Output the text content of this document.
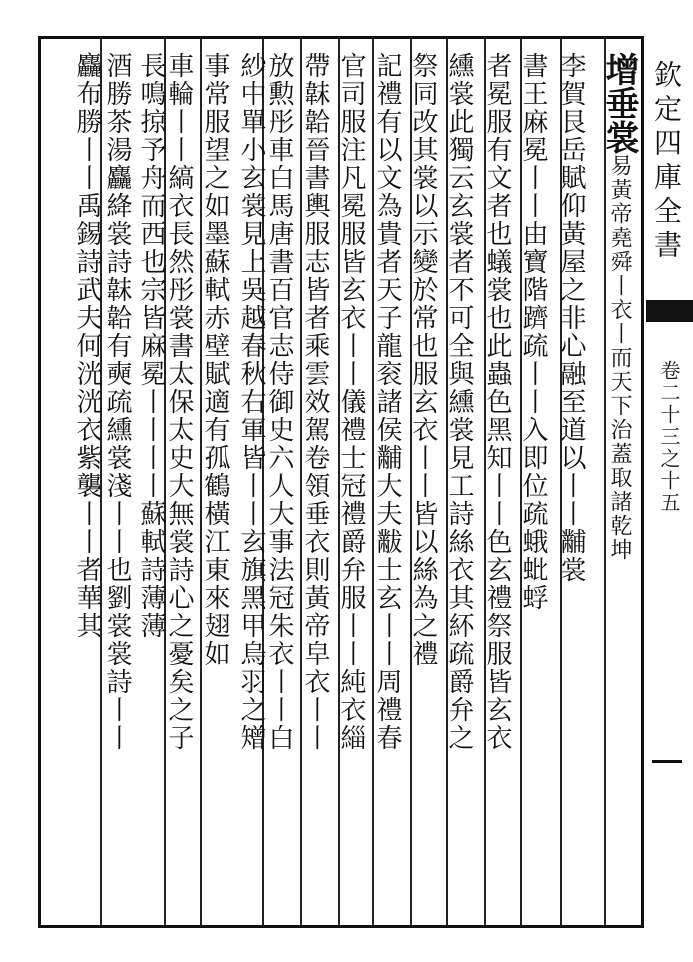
欽定四庫全書
卷二十三之十五
增垂裳易黃帝堯舜丨衣丨而天下治蓋取諸乾坤
李賀艮岳賦仰黃屋之非心融至道以丨丨黼裳
書王麻冕丨丨由寶階躋疏丨丨入即位疏蛾蚍蜉
者冕服有文者也蟻裳也此蟲色黑知丨丨色玄禮祭服皆玄衣
纁裳此獨云玄裳者不可全與纁裳見工詩絲衣其紑疏爵弁之
祭同改其裳以示變於常也服玄衣丨丨皆以絲為之禮
記禮有以文為貴者天子龍衮諸侯黼大夫黻士玄丨丨周禮春
官司服注凡冕服皆玄衣丨丨儀禮士冠禮爵弁服丨丨純衣緇
帶韎韐晉書輿服志皆者乘雲效駕卷領垂衣則黃帝皁衣丨丨
放勲彤車白馬唐書百官志侍御史六人大事法冠朱衣丨丨白
紗中單小玄裳見上吳越春秋右軍皆丨丨玄旗黑甲烏羽之矰
事常服望之如墨蘇軾赤壁賦適有孤鶴橫江東來翅如
車輪丨丨縞衣長然彤裳書太保太史大無裳詩心之憂矣之子
長鳴掠予舟而西也宗皆麻冕丨丨丨丨蘇軾詩薄薄
酒勝茶湯麤絳裳詩韎韐有奭疏纁裳淺丨丨也劉裳裳詩丨丨
麤布勝丨丨禹錫詩武夫何洸洸衣紫襲丨丨者華其
